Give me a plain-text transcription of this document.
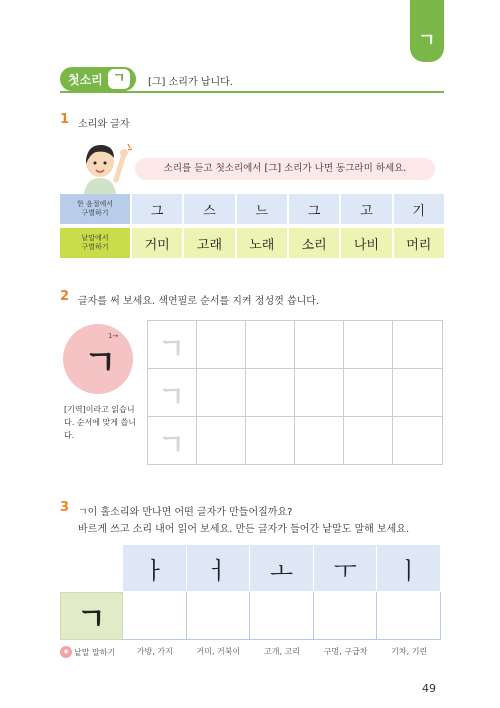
ㄱ
첫소리 ㄱ	[그] 소리가 납니다.
1 소리와 글자
소리를 듣고 첫소리에서 [그] 소리가 나면 동그라미 하세요.
한 음절에서
구별하기	그	스	느	그	고	기
낱말에서
구별하기	거미	고래	노래	소리	나비	머리
2 글자를 써 보세요. 색연필로 순서를 지켜 정성껏 씁니다.
ㄱ
1→
[기역]이라고 읽습니다. 순서에 맞게 씁니다.
ㄱ
ㄱ
ㄱ
3 ㄱ이 홀소리와 만나면 어떤 글자가 만들어질까요?
바르게 쓰고 소리 내어 읽어 보세요. 만든 글자가 들어간 낱말도 말해 보세요.
ㅏ	ㅓ	ㅗ	ㅜ	ㅣ
ㄱ
◉ 낱말 말하기	가방, 가지	거미, 거북이	고개, 고리	구멍, 구급차	기차, 기린
49
